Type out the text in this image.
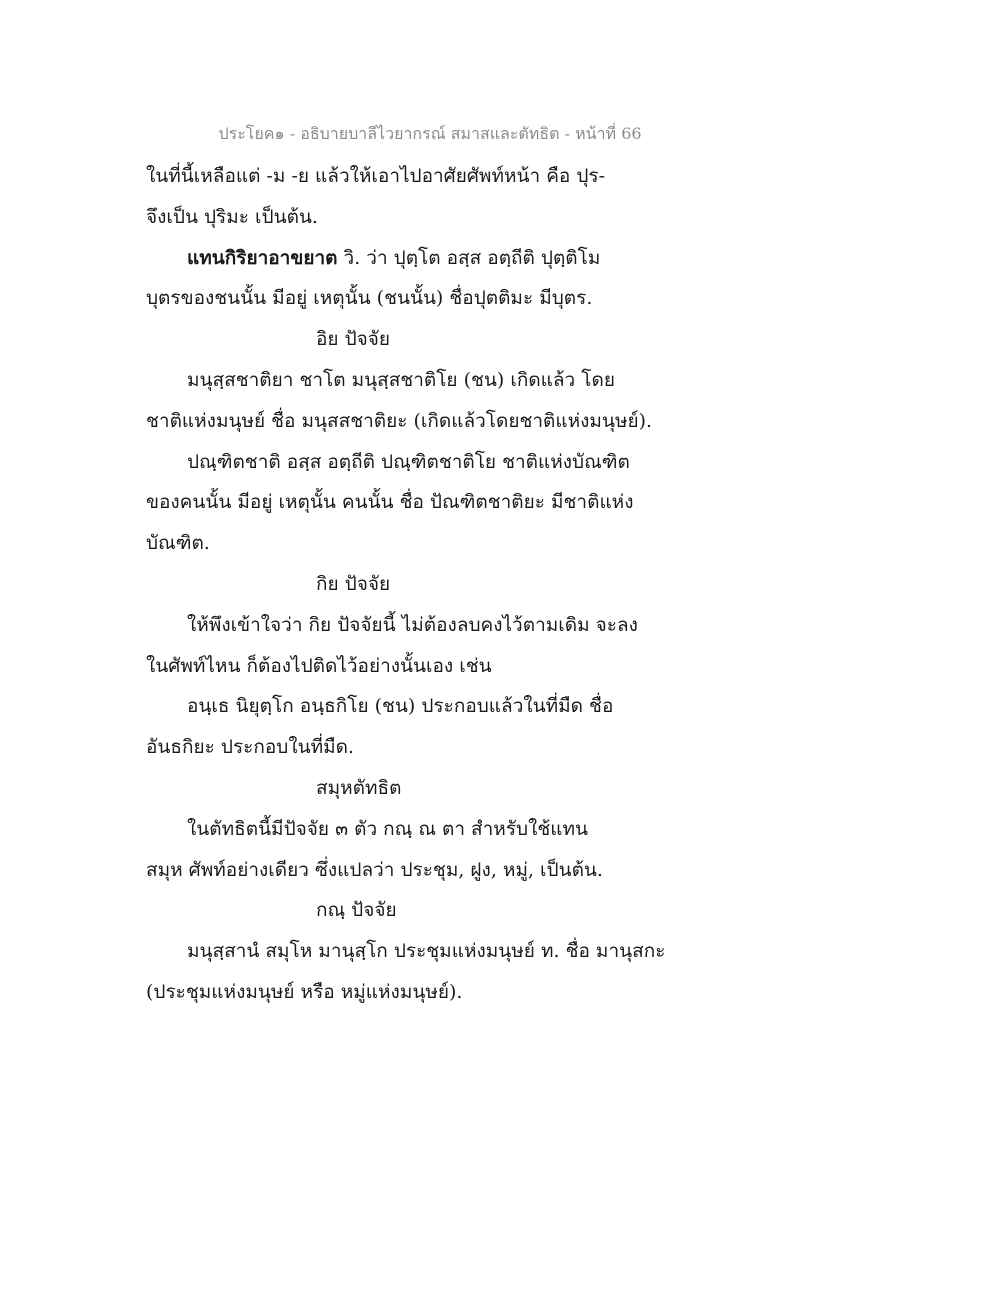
ประโยค๑ - อธิบายบาลีไวยากรณ์ สมาสและตัทธิต - หน้าที่ 66
ในที่นี้เหลือแต่ -ม -ย แล้วให้เอาไปอาศัยศัพท์หน้า คือ ปุร-
จึงเป็น ปุริมะ เป็นต้น.
แทนกิริยาอาขยาต วิ. ว่า ปุตฺโต อสฺส อตฺถีติ ปุตฺติโม
บุตรของชนนั้น มีอยู่ เหตุนั้น (ชนนั้น) ชื่อปุตติมะ มีบุตร.
อิย ปัจจัย
มนุสฺสชาติยา ชาโต มนุสฺสชาติโย (ชน) เกิดแล้ว โดย
ชาติแห่งมนุษย์ ชื่อ มนุสสชาติยะ (เกิดแล้วโดยชาติแห่งมนุษย์).
ปณฺฑิตชาติ อสฺส อตฺถีติ ปณฺฑิตชาติโย ชาติแห่งบัณฑิต
ของคนนั้น มีอยู่ เหตุนั้น คนนั้น ชื่อ ปัณฑิตชาติยะ มีชาติแห่ง
บัณฑิต.
กิย ปัจจัย
ให้พึงเข้าใจว่า กิย ปัจจัยนี้ ไม่ต้องลบคงไว้ตามเดิม จะลง
ในศัพท์ไหน ก็ต้องไปติดไว้อย่างนั้นเอง เช่น
อนฺเธ นิยุตฺโก อนฺธกิโย (ชน) ประกอบแล้วในที่มืด ชื่อ
อันธกิยะ ประกอบในที่มืด.
สมุหตัทธิต
ในตัทธิตนี้มีปัจจัย ๓ ตัว กณฺ ณ ตา สำหรับใช้แทน
สมุห ศัพท์อย่างเดียว ซึ่งแปลว่า ประชุม, ฝูง, หมู่, เป็นต้น.
กณฺ ปัจจัย
มนุสฺสานํ สมุโห มานุสฺโก ประชุมแห่งมนุษย์ ท. ชื่อ มานุสกะ
(ประชุมแห่งมนุษย์ หรือ หมู่แห่งมนุษย์).
